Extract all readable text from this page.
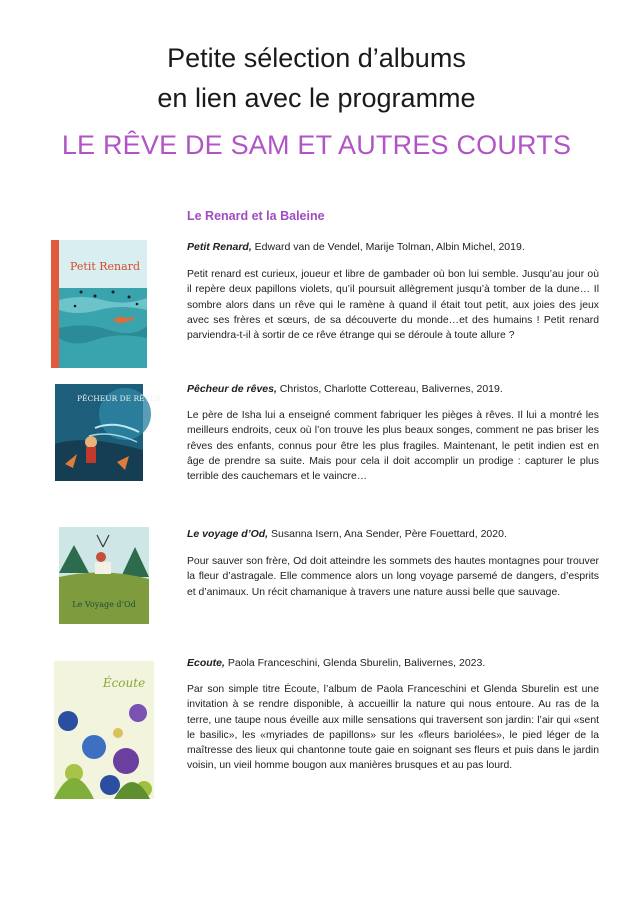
Petite sélection d’albums
en lien avec le programme
LE RÊVE DE SAM ET AUTRES COURTS
Le Renard et la Baleine
Petit Renard

Petit Renard, Edward van de Vendel, Marije Tolman, Albin Michel, 2019.

Petit renard est curieux, joueur et libre de gambader où bon lui semble. Jusqu’au jour où il repère deux papillons violets, qu’il poursuit allègrement jusqu’à tomber de la dune… Il sombre alors dans un rêve qui le ramène à quand il était tout petit, aux joies des jeux avec ses frères et sœurs, de sa découverte du monde…et des humains ! Petit renard parviendra-t-il à sortir de ce rêve étrange qui se déroule à toute allure ?

PÊCHEUR DE RÊVES

Pêcheur de rêves, Christos, Charlotte Cottereau, Balivernes, 2019.

Le père de Isha lui a enseigné comment fabriquer les pièges à rêves. Il lui a montré les meilleurs endroits, ceux où l’on trouve les plus beaux songes, comment ne pas briser les rêves des enfants, connus pour être les plus fragiles. Maintenant, le petit indien est en âge de prendre sa suite. Mais pour cela il doit accomplir un prodige : capturer le plus terrible des cauchemars et le vaincre…

Le Voyage d’Od

Le voyage d’Od, Susanna Isern, Ana Sender, Père Fouettard, 2020.

Pour sauver son frère, Od doit atteindre les sommets des hautes montagnes pour trouver la fleur d’astragale. Elle commence alors un long voyage parsemé de dangers, d’esprits et d’animaux. Un récit chamanique à travers une nature aussi belle que sauvage.

Écoute

Ecoute, Paola Franceschini, Glenda Sburelin, Balivernes, 2023.

Par son simple titre Écoute, l’album de Paola Franceschini et Glenda Sburelin est une invitation à se rendre disponible, à accueillir la nature qui nous entoure. Au ras de la terre, une taupe nous éveille aux mille sensations qui traversent son jardin: l’air qui «sent le basilic», les «myriades de papillons» sur les «fleurs bariolées», le pied léger de la maîtresse des lieux qui chantonne toute gaie en soignant ses fleurs et puis dans le jardin voisin, un vieil homme bougon aux manières brusques et au pas lourd.
